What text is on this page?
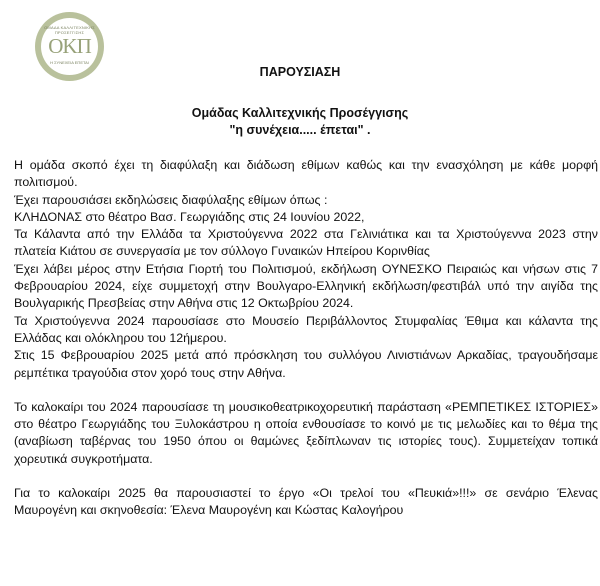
ΟΜΑΔΑ ΚΑΛΛΙΤΕΧΝΙΚΗΣ ΠΡΟΣΕΓΓΙΣΗΣ
ΟΚΠ
Η ΣΥΝΕΧΕΙΑ ΕΠΕΤΑΙ
ΠΑΡΟΥΣΙΑΣΗ
Ομάδας Καλλιτεχνικής Προσέγγισης
"η συνέχεια..... έπεται" .

Η ομάδα σκοπό έχει τη διαφύλαξη και διάδωση εθίμων καθώς και την ενασχόληση με κάθε μορφή πολιτισμού.

Έχει παρουσιάσει εκδηλώσεις διαφύλαξης εθίμων όπως :

ΚΛΗΔΟΝΑΣ στο θέατρο Βασ. Γεωργιάδης στις 24 Ιουνίου 2022,

Τα Κάλαντα από την Ελλάδα τα Χριστούγεννα 2022 στα Γελινιάτικα και τα Χριστούγεννα 2023 στην πλατεία Κιάτου σε συνεργασία με τον σύλλογο Γυναικών Ηπείρου Κορινθίας

Έχει λάβει μέρος στην Ετήσια Γιορτή του Πολιτισμού, εκδήλωση ΟΥΝΕΣΚΟ Πειραιώς και νήσων στις 7 Φεβρουαρίου 2024, είχε συμμετοχή στην Βουλγαρο-Ελληνική εκδήλωση/φεστιβάλ υπό την αιγίδα της Βουλγαρικής Πρεσβείας στην Αθήνα στις 12 Οκτωβρίου 2024.

Τα Χριστούγεννα 2024 παρουσίασε στο Μουσείο Περιβάλλοντος Στυμφαλίας Έθιμα και κάλαντα της Ελλάδας και ολόκληρου του 12ήμερου.

Στις 15 Φεβρουαρίου 2025 μετά από πρόσκληση του συλλόγου Λινιστιάνων Αρκαδίας, τραγουδήσαμε ρεμπέτικα τραγούδια στον χορό τους στην Αθήνα.

Το καλοκαίρι του 2024 παρουσίασε τη μουσικοθεατρικοχορευτική παράσταση «ΡΕΜΠΕΤΙΚΕΣ ΙΣΤΟΡΙΕΣ» στο θέατρο Γεωργιάδης του Ξυλοκάστρου η οποία ενθουσίασε το κοινό με τις μελωδίες και το θέμα της (αναβίωση ταβέρνας του 1950 όπου οι θαμώνες ξεδίπλωναν τις ιστορίες τους). Συμμετείχαν τοπικά χορευτικά συγκροτήματα.

Για το καλοκαίρι 2025 θα παρουσιαστεί το έργο «Οι τρελοί του «Πευκιά»!!!» σε σενάριο Έλενας Μαυρογένη και σκηνοθεσία: Έλενα Μαυρογένη και Κώστας Καλογήρου
